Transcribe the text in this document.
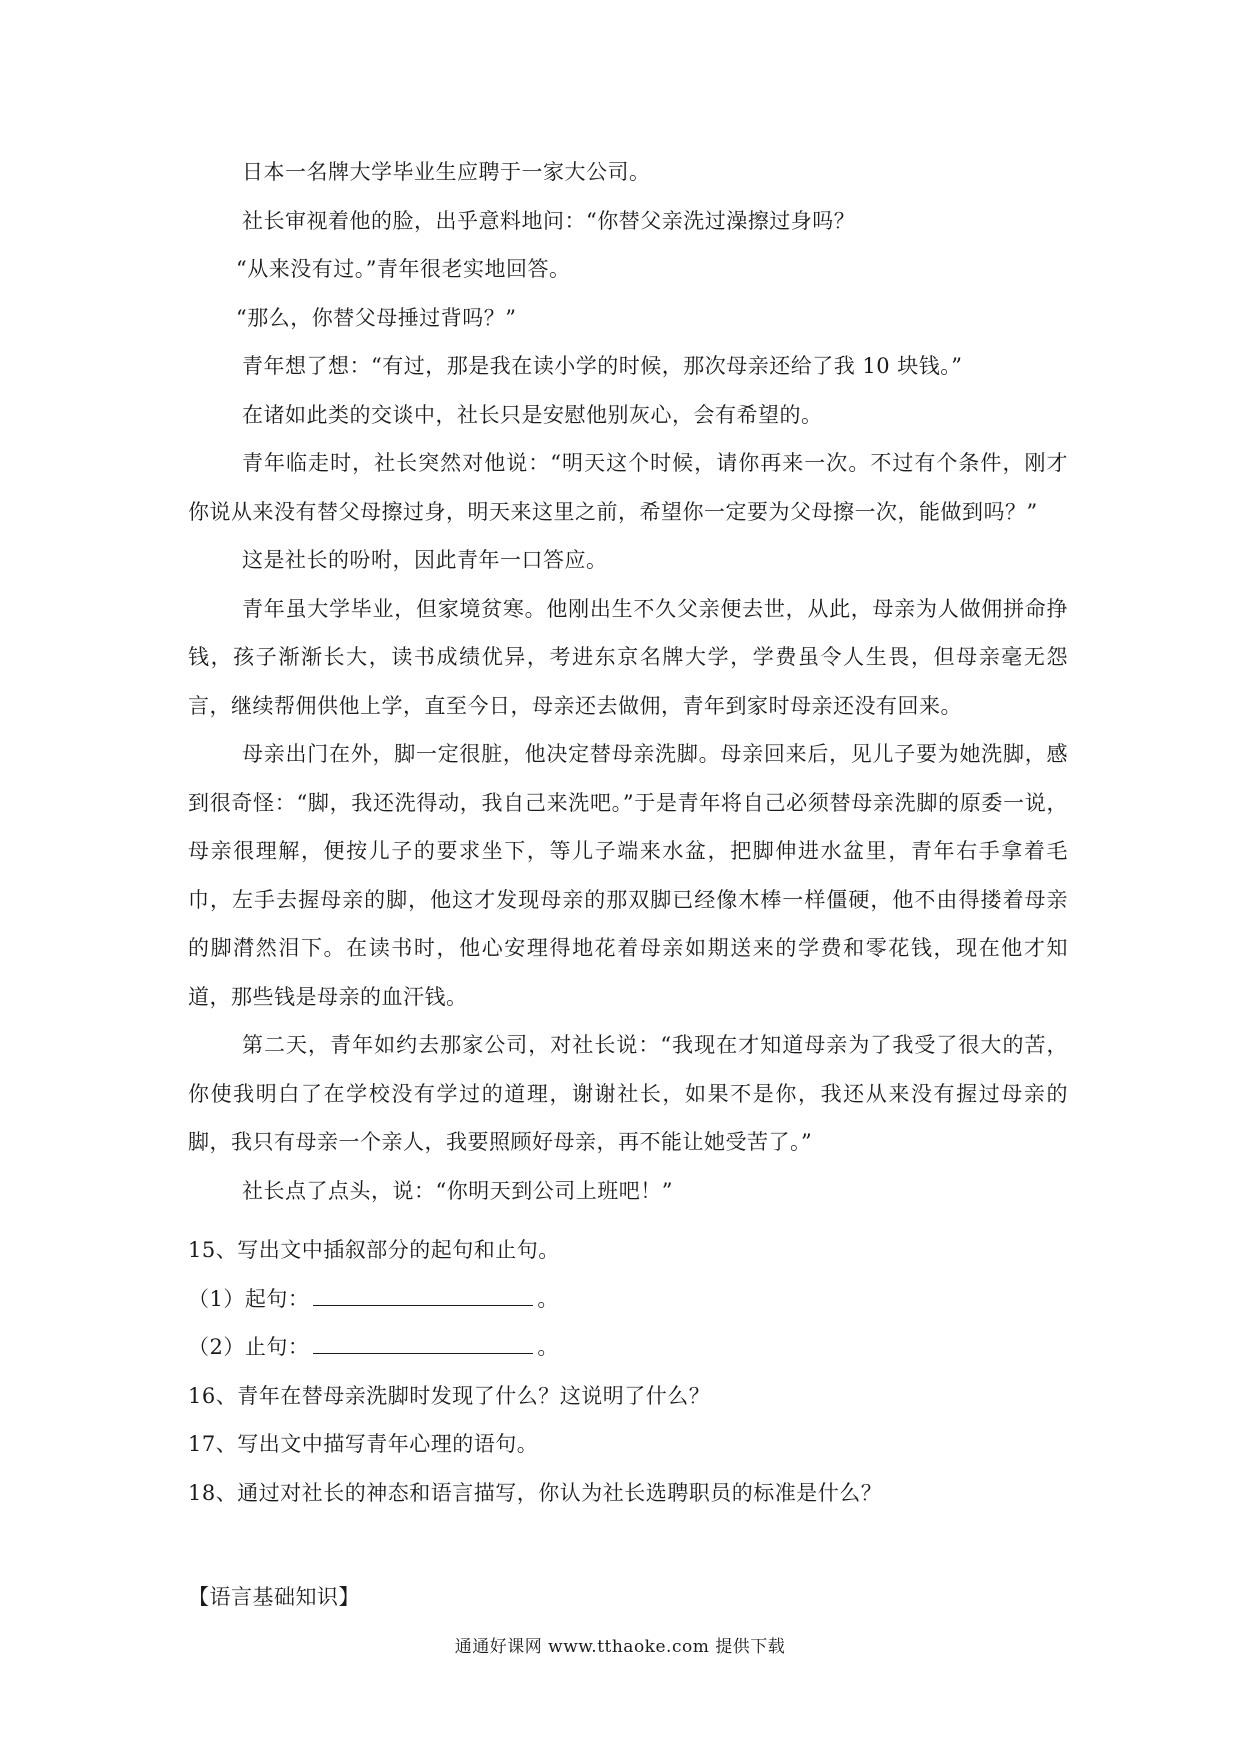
日本一名牌大学毕业生应聘于一家大公司。

社长审视着他的脸，出乎意料地问：“你替父亲洗过澡擦过身吗？

“从来没有过。”青年很老实地回答。

“那么，你替父母捶过背吗？”

青年想了想：“有过，那是我在读小学的时候，那次母亲还给了我 10 块钱。”

在诸如此类的交谈中，社长只是安慰他别灰心，会有希望的。

青年临走时，社长突然对他说：“明天这个时候，请你再来一次。不过有个条件，刚才你说从来没有替父母擦过身，明天来这里之前，希望你一定要为父母擦一次，能做到吗？”

这是社长的吩咐，因此青年一口答应。

青年虽大学毕业，但家境贫寒。他刚出生不久父亲便去世，从此，母亲为人做佣拼命挣钱，孩子渐渐长大，读书成绩优异，考进东京名牌大学，学费虽令人生畏，但母亲毫无怨言，继续帮佣供他上学，直至今日，母亲还去做佣，青年到家时母亲还没有回来。

母亲出门在外，脚一定很脏，他决定替母亲洗脚。母亲回来后，见儿子要为她洗脚，感到很奇怪：“脚，我还洗得动，我自己来洗吧。”于是青年将自己必须替母亲洗脚的原委一说，母亲很理解，便按儿子的要求坐下，等儿子端来水盆，把脚伸进水盆里，青年右手拿着毛巾，左手去握母亲的脚，他这才发现母亲的那双脚已经像木棒一样僵硬，他不由得搂着母亲的脚潸然泪下。在读书时，他心安理得地花着母亲如期送来的学费和零花钱，现在他才知道，那些钱是母亲的血汗钱。

第二天，青年如约去那家公司，对社长说：“我现在才知道母亲为了我受了很大的苦，你使我明白了在学校没有学过的道理，谢谢社长，如果不是你，我还从来没有握过母亲的脚，我只有母亲一个亲人，我要照顾好母亲，再不能让她受苦了。”

社长点了点头，说：“你明天到公司上班吧！”

15、写出文中插叙部分的起句和止句。

（1）起句：	。

（2）止句：	。

16、青年在替母亲洗脚时发现了什么？这说明了什么？

17、写出文中描写青年心理的语句。

18、通过对社长的神态和语言描写，你认为社长选聘职员的标准是什么？

【语言基础知识】

通通好课网 www.tthaoke.com 提供下载
